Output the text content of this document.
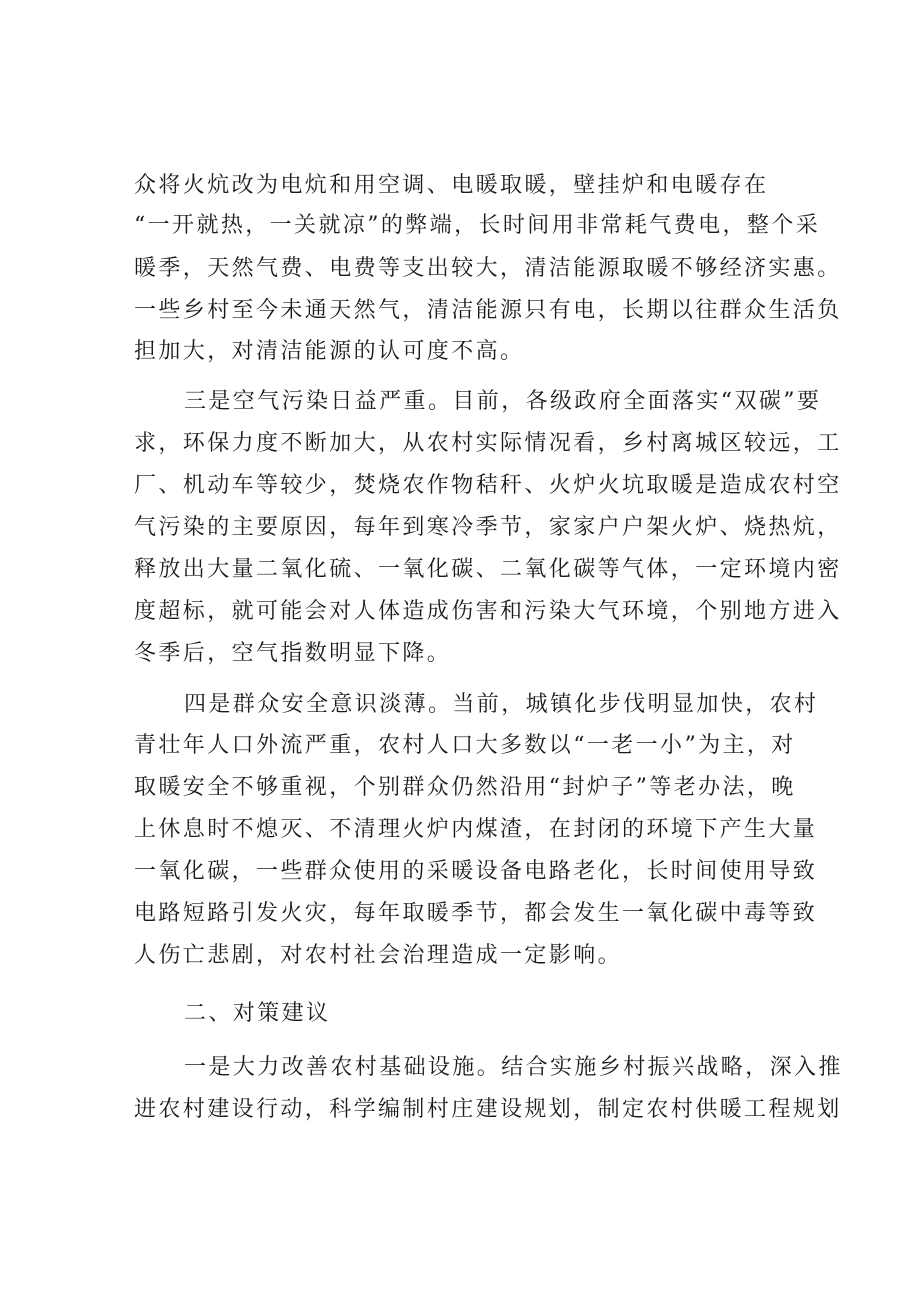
众将火炕改为电炕和用空调、电暖取暖，壁挂炉和电暖存在
“一开就热，一关就凉”的弊端，长时间用非常耗气费电，整个采
暖季，天然气费、电费等支出较大，清洁能源取暖不够经济实惠。
一些乡村至今未通天然气，清洁能源只有电，长期以往群众生活负
担加大，对清洁能源的认可度不高。
三是空气污染日益严重。目前，各级政府全面落实“双碳”要
求，环保力度不断加大，从农村实际情况看，乡村离城区较远，工
厂、机动车等较少，焚烧农作物秸秆、火炉火坑取暖是造成农村空
气污染的主要原因，每年到寒冷季节，家家户户架火炉、烧热炕，
释放出大量二氧化硫、一氧化碳、二氧化碳等气体，一定环境内密
度超标，就可能会对人体造成伤害和污染大气环境，个别地方进入
冬季后，空气指数明显下降。
四是群众安全意识淡薄。当前，城镇化步伐明显加快，农村
青壮年人口外流严重，农村人口大多数以“一老一小”为主，对
取暖安全不够重视，个别群众仍然沿用“封炉子”等老办法，晚
上休息时不熄灭、不清理火炉内煤渣，在封闭的环境下产生大量
一氧化碳，一些群众使用的采暖设备电路老化，长时间使用导致
电路短路引发火灾，每年取暖季节，都会发生一氧化碳中毒等致
人伤亡悲剧，对农村社会治理造成一定影响。
二、对策建议
一是大力改善农村基础设施。结合实施乡村振兴战略，深入推
进农村建设行动，科学编制村庄建设规划，制定农村供暖工程规划
